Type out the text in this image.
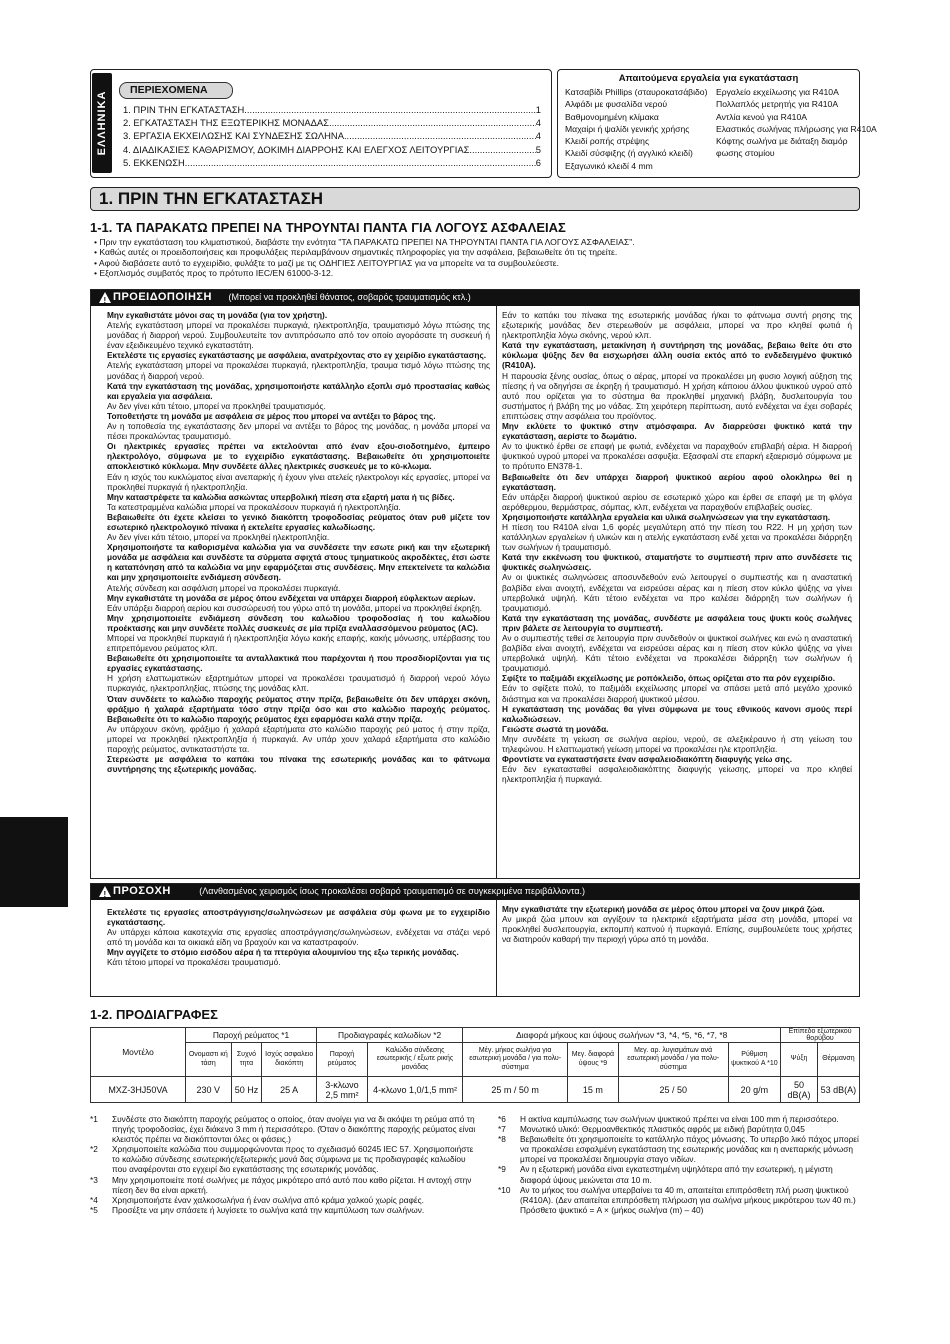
ΕΛΛΗΝΙΚΑ
ΠΕΡΙΕΧΟΜΕΝΑ
1. ΠΡΙΝ ΤΗΝ ΕΓΚΑΤΑΣΤΑΣΗ .....	1
2. ΕΓΚΑΤΑΣΤΑΣΗ ΤΗΣ ΕΞΩΤΕΡΙΚΗΣ ΜΟΝΑΔΑΣ .....	4
3. ΕΡΓΑΣΙΑ ΕΚΧΕΙΛΩΣΗΣ ΚΑΙ ΣΥΝΔΕΣΗΣ ΣΩΛΗΝΑ .....	4
4. ΔΙΑΔΙΚΑΣΙΕΣ ΚΑΘΑΡΙΣΜΟΥ, ΔΟΚΙΜΗ ΔΙΑΡΡΟΗΣ ΚΑΙ ΕΛΕΓΧΟΣ ΛΕΙΤΟΥΡΓΙΑΣ .....	5
5. ΕΚΚΕΝΩΣΗ .....	6
Απαιτούμενα εργαλεία για εγκατάσταση
Κατσαβίδι Phillips (σταυροκατσάβιδο)
Αλφάδι με φυσαλίδα νερού
Βαθμονομημένη κλίμακα
Μαχαίρι ή ψαλίδι γενικής χρήσης
Κλειδί ροπής στρέψης
Κλειδί σύσφιξης (ή αγγλικό κλειδί)
Εξαγωνικό κλειδί 4 mm
Εργαλείο εκχείλωσης για R410A
Πολλαπλός μετρητής για R410A
Αντλία κενού για R410A
Ελαστικός σωλήνας πλήρωσης για R410A
Κόφτης σωλήνα με διάταξη διαμόρ
φωσης στομίου
1. ΠΡΙΝ ΤΗΝ ΕΓΚΑΤΑΣΤΑΣΗ
1-1. ΤΑ ΠΑΡΑΚΑΤΩ ΠΡΕΠΕΙ ΝΑ ΤΗΡΟΥΝΤΑΙ ΠΑΝΤΑ ΓΙΑ ΛΟΓΟΥΣ ΑΣΦΑΛΕΙΑΣ
• Πριν την εγκατάσταση του κλιματιστικού, διαβάστε την ενότητα "ΤΑ ΠΑΡΑΚΑΤΩ ΠΡΕΠΕΙ ΝΑ ΤΗΡΟΥΝΤΑΙ ΠΑΝΤΑ ΓΙΑ ΛΟΓΟΥΣ ΑΣΦΑΛΕΙΑΣ".
• Καθώς αυτές οι προειδοποιήσεις και προφυλάξεις περιλαμβάνουν σημαντικές πληροφορίες για την ασφάλεια, βεβαιωθείτε ότι τις τηρείτε.
• Αφού διαβάσετε αυτό το εγχειρίδιο, φυλάξτε το μαζί με τις ΟΔΗΓΙΕΣ ΛΕΙΤΟΥΡΓΙΑΣ για να μπορείτε να τα συμβουλεύεστε.
• Εξοπλισμός συμβατός προς το πρότυπο IEC/EN 61000-3-12.
!
ΠΡΟΕΙΔΟΠΟΙΗΣΗ (Μπορεί να προκληθεί θάνατος, σοβαρός τραυματισμός κτλ.)

Μην εγκαθιστάτε μόνοι σας τη μονάδα (για τον χρήστη).

Ατελής εγκατάσταση μπορεί να προκαλέσει πυρκαγιά, ηλεκτροπληξία, τραυματισμό λόγω πτώσης της μονάδας ή διαρροή νερού. Συμβουλευτείτε τον αντιπρόσωπο από τον οποίο αγοράσατε τη συσκευή ή έναν εξειδικευμένο τεχνικό εγκαταστάτη.

Εκτελέστε τις εργασίες εγκατάστασης με ασφάλεια, ανατρέχοντας στο εγ χειρίδιο εγκατάστασης.

Ατελής εγκατάσταση μπορεί να προκαλέσει πυρκαγιά, ηλεκτροπληξία, τραυμα τισμό λόγω πτώσης της μονάδας ή διαρροή νερού.

Κατά την εγκατάσταση της μονάδας, χρησιμοποιήστε κατάλληλο εξοπλι σμό προστασίας καθώς και εργαλεία για ασφάλεια.

Αν δεν γίνει κάτι τέτοιο, μπορεί να προκληθεί τραυματισμός.

Τοποθετήστε τη μονάδα με ασφάλεια σε μέρος που μπορεί να αντέξει το βάρος της.

Αν η τοποθεσία της εγκατάστασης δεν μπορεί να αντέξει το βάρος της μονάδας, η μονάδα μπορεί να πέσει προκαλώντας τραυματισμό.

Οι ηλεκτρικές εργασίες πρέπει να εκτελούνται από έναν εξου-σιοδοτημένο, έμπειρο ηλεκτρολόγο, σύμφωνα με το εγχειρίδιο εγκατάστασης. Βεβαιωθείτε ότι χρησιμοποιείτε αποκλειστικό κύκλωμα. Μην συνδέετε άλλες ηλεκτρικές συσκευές με το κύ-κλωμα.

Εάν η ισχύς του κυκλώματος είναι ανεπαρκής ή έχουν γίνει ατελείς ηλεκτρολογι κές εργασίες, μπορεί να προκληθεί πυρκαγιά ή ηλεκτροπληξία.

Μην καταστρέφετε τα καλώδια ασκώντας υπερβολική πίεση στα εξαρτή ματα ή τις βίδες.

Τα κατεστραμμένα καλώδια μπορεί να προκαλέσουν πυρκαγιά ή ηλεκτροπληξία.

Βεβαιωθείτε ότι έχετε κλείσει το γενικό διακόπτη τροφοδοσίας ρεύματος όταν ρυθ μίζετε τον εσωτερικό ηλεκτρολογικό πίνακα ή εκτελείτε εργασίες καλωδίωσης.

Αν δεν γίνει κάτι τέτοιο, μπορεί να προκληθεί ηλεκτροπληξία.

Χρησιμοποιήστε τα καθορισμένα καλώδια για να συνδέσετε την εσωτε ρική και την εξωτερική μονάδα με ασφάλεια και συνδέστε τα σύρματα σφιχτά στους τμηματικούς ακροδέκτες, έτσι ώστε η καταπόνηση από τα καλώδια να μην εφαρμόζεται στις συνδέσεις. Μην επεκτείνετε τα καλώδια και μην χρησιμοποιείτε ενδιάμεση σύνδεση.

Ατελής σύνδεση και ασφάλιση μπορεί να προκαλέσει πυρκαγιά.

Μην εγκαθιστάτε τη μονάδα σε μέρος όπου ενδέχεται να υπάρχει διαρροή εύφλεκτων αερίων.

Εάν υπάρξει διαρροή αερίου και συσσώρευσή του γύρω από τη μονάδα, μπορεί να προκληθεί έκρηξη.

Μην χρησιμοποιείτε ενδιάμεση σύνδεση του καλωδίου τροφοδοσίας ή του καλωδίου προέκτασης και μην συνδέετε πολλές συσκευές σε μία πρίζα εναλλασσόμενου ρεύματος (AC).

Μπορεί να προκληθεί πυρκαγιά ή ηλεκτροπληξία λόγω κακής επαφής, κακής μόνωσης, υπέρβασης του επιτρεπόμενου ρεύματος κλπ.

Βεβαιωθείτε ότι χρησιμοποιείτε τα ανταλλακτικά που παρέχονται ή που προσδιορίζονται για τις εργασίες εγκατάστασης.

Η χρήση ελαττωματικών εξαρτημάτων μπορεί να προκαλέσει τραυματισμό ή διαρροή νερού λόγω πυρκαγιάς, ηλεκτροπληξίας, πτώσης της μονάδας κλπ.

Όταν συνδέετε το καλώδιο παροχής ρεύματος στην πρίζα, βεβαιωθείτε ότι δεν υπάρχει σκόνη, φράξιμο ή χαλαρά εξαρτήματα τόσο στην πρίζα όσο και στο καλώδιο παροχής ρεύματος. Βεβαιωθείτε ότι το καλώδιο παροχής ρεύματος έχει εφαρμόσει καλά στην πρίζα.

Αν υπάρχουν σκόνη, φράξιμο ή χαλαρά εξαρτήματα στο καλώδιο παροχής ρεύ ματος ή στην πρίζα, μπορεί να προκληθεί ηλεκτροπληξία ή πυρκαγιά. Αν υπάρ χουν χαλαρά εξαρτήματα στο καλώδιο παροχής ρεύματος, αντικαταστήστε τα.

Στερεώστε με ασφάλεια το καπάκι του πίνακα της εσωτερικής μονάδας και το φάτνωμα συντήρησης της εξωτερικής μονάδας.

Εάν το καπάκι του πίνακα της εσωτερικής μονάδας ή/και το φάτνωμα συντή ρησης της εξωτερικής μονάδας δεν στερεωθούν με ασφάλεια, μπορεί να προ κληθεί φωτιά ή ηλεκτροπληξία λόγω σκόνης, νερού κλπ.

Κατά την εγκατάσταση, μετακίνηση ή συντήρηση της μονάδας, βεβαιω θείτε ότι στο κύκλωμα ψύξης δεν θα εισχωρήσει άλλη ουσία εκτός από το ενδεδειγμένο ψυκτικό (R410A).

Η παρουσία ξένης ουσίας, όπως ο αέρας, μπορεί να προκαλέσει μη φυσιο λογική αύξηση της πίεσης ή να οδηγήσει σε έκρηξη ή τραυματισμό. Η χρήση κάποιου άλλου ψυκτικού υγρού από αυτό που ορίζεται για το σύστημα θα προκληθεί μηχανική βλάβη, δυσλειτουργία του συστήματος ή βλάβη της μο νάδας. Στη χειρότερη περίπτωση, αυτό ενδέχεται να έχει σοβαρές επιπτώσεις στην ασφάλεια του προϊόντος.

Μην εκλύετε το ψυκτικό στην ατμόσφαιρα. Αν διαρρεύσει ψυκτικό κατά την εγκατάσταση, αερίστε το δωμάτιο.

Αν το ψυκτικό έρθει σε επαφή με φωτιά, ενδέχεται να παραχθούν επιβλαβή αέρια. Η διαρροή ψυκτικού υγρού μπορεί να προκαλέσει ασφυξία. Εξασφαλί στε επαρκή εξαερισμό σύμφωνα με το πρότυπο EN378-1.

Βεβαιωθείτε ότι δεν υπάρχει διαρροή ψυκτικού αερίου αφού ολοκληρω θεί η εγκατάσταση.

Εάν υπάρξει διαρροή ψυκτικού αερίου σε εσωτερικό χώρο και έρθει σε επαφή με τη φλόγα αερόθερμου, θερμάστρας, σόμπας, κλπ, ενδέχεται να παραχθούν επιβλαβείς ουσίες.

Χρησιμοποιήστε κατάλληλα εργαλεία και υλικά σωληνώσεων για την εγκατάσταση.

Η πίεση του R410A είναι 1,6 φορές μεγαλύτερη από την πίεση του R22. Η μη χρήση των κατάλληλων εργαλείων ή υλικών και η ατελής εγκατάσταση ενδέ χεται να προκαλέσει διάρρηξη των σωλήνων ή τραυματισμό.

Κατά την εκκένωση του ψυκτικού, σταματήστε το συμπιεστή πριν απο συνδέσετε τις ψυκτικές σωληνώσεις.

Αν οι ψυκτικές σωληνώσεις αποσυνδεθούν ενώ λειτουργεί ο συμπιεστής και η αναστατική βαλβίδα είναι ανοιχτή, ενδέχεται να εισρεύσει αέρας και η πίεση στον κύκλο ψύξης να γίνει υπερβολικά υψηλή. Κάτι τέτοιο ενδέχεται να προ καλέσει διάρρηξη των σωλήνων ή τραυματισμό.

Κατά την εγκατάσταση της μονάδας, συνδέστε με ασφάλεια τους ψυκτι κούς σωλήνες πριν βάλετε σε λειτουργία το συμπιεστή.

Αν ο συμπιεστής τεθεί σε λειτουργία πριν συνδεθούν οι ψυκτικοί σωλήνες και ενώ η αναστατική βαλβίδα είναι ανοιχτή, ενδέχεται να εισρεύσει αέρας και η πίεση στον κύκλο ψύξης να γίνει υπερβολικά υψηλή. Κάτι τέτοιο ενδέχεται να προκαλέσει διάρρηξη των σωλήνων ή τραυματισμό.

Σφίξτε το παξιμάδι εκχείλωσης με ροπόκλειδο, όπως ορίζεται στο πα ρόν εγχειρίδιο.

Εάν το σφίξετε πολύ, το παξιμάδι εκχείλωσης μπορεί να σπάσει μετά από μεγάλο χρονικό διάστημα και να προκαλέσει διαρροή ψυκτικού μέσου.

Η εγκατάσταση της μονάδας θα γίνει σύμφωνα με τους εθνικούς κανονι σμούς περί καλωδιώσεων.

Γειώστε σωστά τη μονάδα.

Μην συνδέετε τη γείωση σε σωλήνα αερίου, νερού, σε αλεξικέραυνο ή στη γείωση του τηλεφώνου. Η ελαττωματική γείωση μπορεί να προκαλέσει ηλε κτροπληξία.

Φροντίστε να εγκαταστήσετε έναν ασφαλειοδιακόπτη διαφυγής γείω σης.

Εάν δεν εγκατασταθεί ασφαλειοδιακόπτης διαφυγής γείωσης, μπορεί να προ κληθεί ηλεκτροπληξία ή πυρκαγιά.

!
ΠΡΟΣΟΧΗ	(Λανθασμένος χειρισμός ίσως προκαλέσει σοβαρό τραυματισμό σε συγκεκριμένα περιβάλλοντα.)

Εκτελέστε τις εργασίες αποστράγγισης/σωληνώσεων με ασφάλεια σύμ φωνα με το εγχειρίδιο εγκατάστασης.

Αν υπάρχει κάποια κακοτεχνία στις εργασίες αποστράγγισης/σωληνώσεων, ενδέχεται να στάζει νερό από τη μονάδα και τα οικιακά είδη να βραχούν και να καταστραφούν.

Μην αγγίζετε το στόμιο εισόδου αέρα ή τα πτερύγια αλουμινίου της εξω τερικής μονάδας.

Κάτι τέτοιο μπορεί να προκαλέσει τραυματισμό.

Μην εγκαθιστάτε την εξωτερική μονάδα σε μέρος όπου μπορεί να ζουν μικρά ζώα.

Αν μικρά ζώα μπουν και αγγίξουν τα ηλεκτρικά εξαρτήματα μέσα στη μονάδα, μπορεί να προκληθεί δυσλειτουργία, εκπομπή καπνού ή πυρκαγιά. Επίσης, συμβουλεύετε τους χρήστες να διατηρούν καθαρή την περιοχή γύρω από τη μονάδα.

1-2. ΠΡΟΔΙΑΓΡΑΦΕΣ
Μοντέλο	Παροχή ρεύματος *1			Προδιαγραφές καλωδίων *2		Διαφορά μήκους και ύψους σωλήνων *3, *4, *5, *6, *7, *8				Επίπεδο εξωτερικού θορύβου	
	Ονομαστι κή τάση	Συχνό τητα	Ισχύς ασφαλειο διακόπτη	Παροχή ρεύματος	Καλώδιο σύνδεσης εσωτερικής / εξωτε ρικής μονάδας	Μέγ. μήκος σωλήνα για εσωτερική μονάδα / για πολυ-σύστημα	Μεγ. διαφορά ύψους *9	Μεγ. αρ. λυγισμάτων ανά εσωτερική μονάδα / για πολυ-σύστημα	Ρύθμιση ψυκτικού A *10	Ψύξη	Θέρμανση
MXZ-3HJ50VA	230 V	50 Hz	25 A	3-κλωνο 2,5 mm²	4-κλωνο 1,0/1,5 mm²	25 m / 50 m	15 m	25 / 50	20 g/m	50 dB(A)	53 dB(A)
*1	Συνδέστε στο διακόπτη παροχής ρεύματος ο οποίος, όταν ανοίγει για να δι ακόψει τη ρεύμα από τη πηγής τροφοδοσίας, έχει διάκενο 3 mm ή περισσότερο. (Όταν ο διακόπτης παροχής ρεύματος είναι κλειστός πρέπει να διακόπτονται όλες οι φάσεις.)
*2	Χρησιμοποιείτε καλώδια που συμμορφώνονται προς το σχεδιασμό 60245 IEC 57. Χρησιμοποιήστε το καλώδιο σύνδεσης εσωτερικής/εξωτερικής μονά δας σύμφωνα με τις προδιαγραφές καλωδίου που αναφέρονται στο εγχειρί διο εγκατάστασης της εσωτερικής μονάδας.
*3	Μην χρησιμοποιείτε ποτέ σωλήνες με πάχος μικρότερο από αυτό που καθο ρίζεται. Η αντοχή στην πίεση δεν θα είναι αρκετή.
*4	Χρησιμοποιήστε έναν χαλκοσωλήνα ή έναν σωλήνα από κράμα χαλκού χωρίς ραφές.
*5	Προσέξτε να μην σπάσετε ή λυγίσετε το σωλήνα κατά την καμπύλωση των σωλήνων.
*6	Η ακτίνα καμπύλωσης των σωλήνων ψυκτικού πρέπει να είναι 100 mm ή περισσότερο.
*7	Μονωτικό υλικό: Θερμοανθεκτικός πλαστικός αφρός με ειδική βαρύτητα 0,045
*8	Βεβαιωθείτε ότι χρησιμοποιείτε το κατάλληλο πάχος μόνωσης. Το υπερβο λικό πάχος μπορεί να προκαλέσει εσφαλμένη εγκατάσταση της εσωτερικής μονάδας και η ανεπαρκής μόνωση μπορεί να προκαλέσει δημιουργία σταγο νιδίων.
*9	Αν η εξωτερική μονάδα είναι εγκατεστημένη υψηλότερα από την εσωτερική, η μέγιστη διαφορά ύψους μειώνεται στα 10 m.
*10	Αν το μήκος του σωλήνα υπερβαίνει τα 40 m, απαιτείται επιπρόσθετη πλή ρωση ψυκτικού (R410A). (Δεν απαιτείται επιπρόσθετη πλήρωση για σωλήνα μήκους μικρότερου των 40 m.)
Πρόσθετο ψυκτικό = A × (μήκος σωλήνα (m) – 40)
